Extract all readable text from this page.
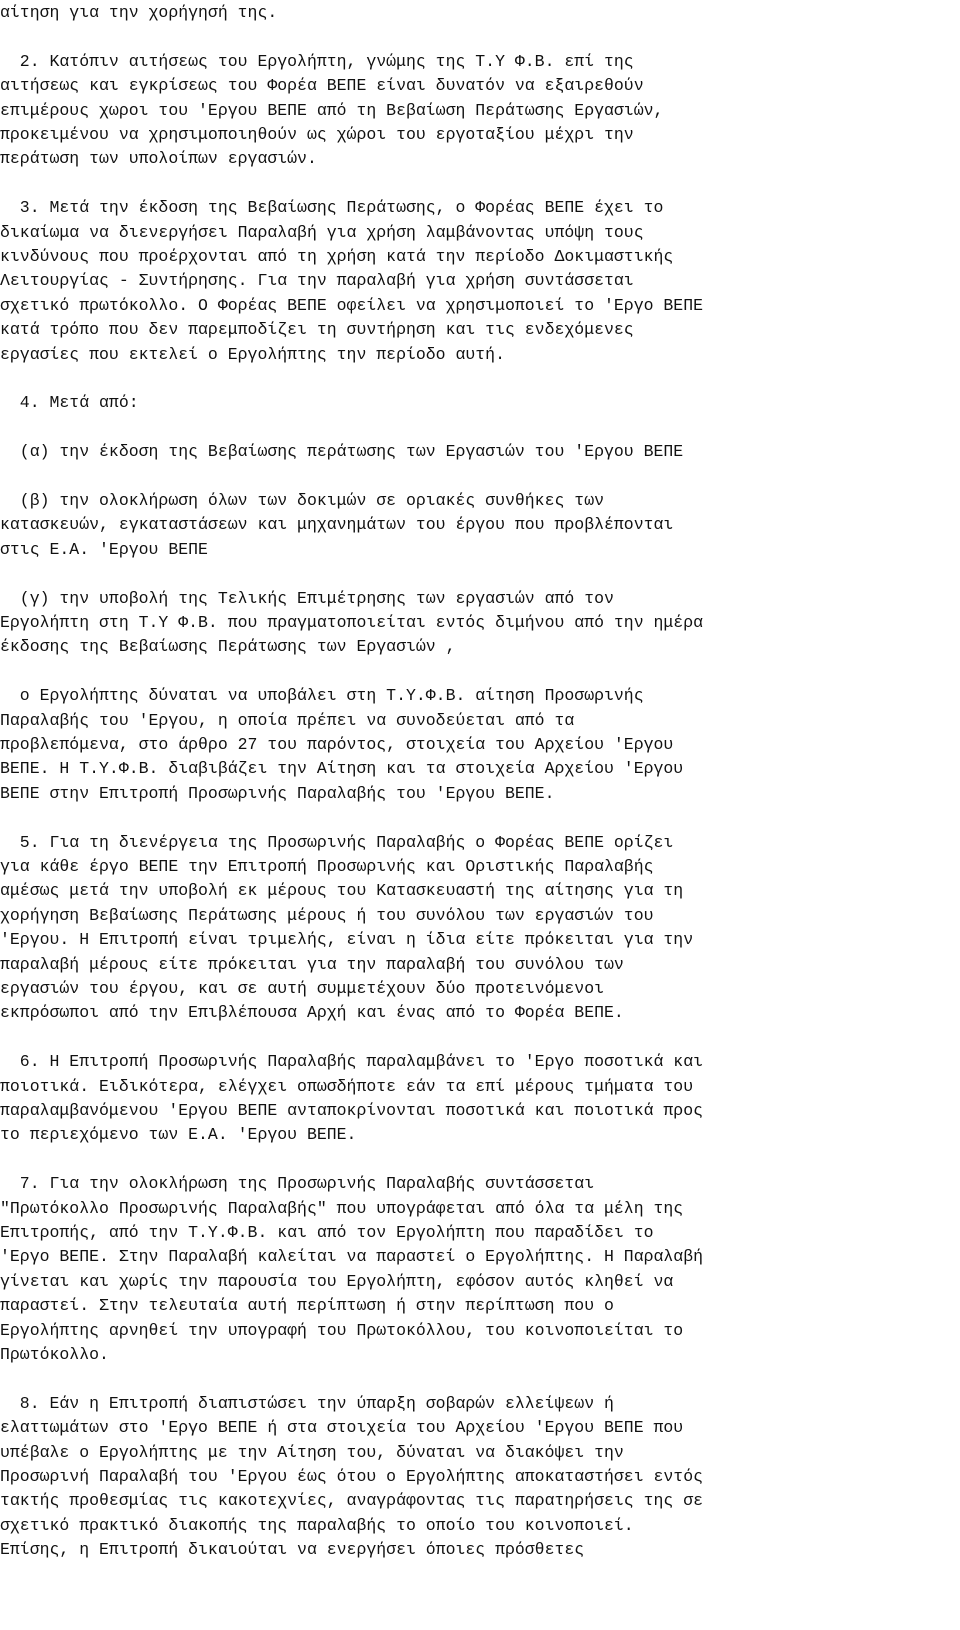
αίτηση για την χορήγησή της.
2. Κατόπιν αιτήσεως του Εργολήπτη, γνώμης της Τ.Υ Φ.Β. επί της
αιτήσεως και εγκρίσεως του Φορέα ΒΕΠΕ είναι δυνατόν να εξαιρεθούν
επιμέρους χωροι του 'Εργου ΒΕΠΕ από τη Βεβαίωση Περάτωσης Εργασιών,
προκειμένου να χρησιμοποιηθούν ως χώροι του εργοταξίου μέχρι την
περάτωση των υπολοίπων εργασιών.
3. Μετά την έκδοση της Βεβαίωσης Περάτωσης, ο Φορέας ΒΕΠΕ έχει το
δικαίωμα να διενεργήσει Παραλαβή για χρήση λαμβάνοντας υπόψη τους
κινδύνους που προέρχονται από τη χρήση κατά την περίοδο Δοκιμαστικής
Λειτουργίας - Συντήρησης. Για την παραλαβή για χρήση συντάσσεται
σχετικό πρωτόκολλο. Ο Φορέας ΒΕΠΕ οφείλει να χρησιμοποιεί το 'Εργο ΒΕΠΕ
κατά τρόπο που δεν παρεμποδίζει τη συντήρηση και τις ενδεχόμενες
εργασίες που εκτελεί ο Εργολήπτης την περίοδο αυτή.
4. Μετά από:
(α) την έκδοση της Βεβαίωσης περάτωσης των Εργασιών του 'Εργου ΒΕΠΕ
(β) την ολοκλήρωση όλων των δοκιμών σε οριακές συνθήκες των
κατασκευών, εγκαταστάσεων και μηχανημάτων του έργου που προβλέπονται
στις Ε.Α. 'Εργου ΒΕΠΕ
(γ) την υποβολή της Τελικής Επιμέτρησης των εργασιών από τον
Εργολήπτη στη Τ.Υ Φ.Β. που πραγματοποιείται εντός διμήνου από την ημέρα
έκδοσης της Βεβαίωσης Περάτωσης των Εργασιών ,
ο Εργολήπτης δύναται να υποβάλει στη Τ.Υ.Φ.Β. αίτηση Προσωρινής
Παραλαβής του 'Εργου, η οποία πρέπει να συνοδεύεται από τα
προβλεπόμενα, στο άρθρο 27 του παρόντος, στοιχεία του Αρχείου 'Εργου
ΒΕΠΕ. Η Τ.Υ.Φ.Β. διαβιβάζει την Αίτηση και τα στοιχεία Αρχείου 'Εργου
ΒΕΠΕ στην Επιτροπή Προσωρινής Παραλαβής του 'Εργου ΒΕΠΕ.
5. Για τη διενέργεια της Προσωρινής Παραλαβής ο Φορέας ΒΕΠΕ ορίζει
για κάθε έργο ΒΕΠΕ την Επιτροπή Προσωρινής και Οριστικής Παραλαβής
αμέσως μετά την υποβολή εκ μέρους του Κατασκευαστή της αίτησης για τη
χορήγηση Βεβαίωσης Περάτωσης μέρους ή του συνόλου των εργασιών του
'Εργου. Η Επιτροπή είναι τριμελής, είναι η ίδια είτε πρόκειται για την
παραλαβή μέρους είτε πρόκειται για την παραλαβή του συνόλου των
εργασιών του έργου, και σε αυτή συμμετέχουν δύο προτεινόμενοι
εκπρόσωποι από την Επιβλέπουσα Αρχή και ένας από το Φορέα ΒΕΠΕ.
6. Η Επιτροπή Προσωρινής Παραλαβής παραλαμβάνει το 'Εργο ποσοτικά και
ποιοτικά. Ειδικότερα, ελέγχει οπωσδήποτε εάν τα επί μέρους τμήματα του
παραλαμβανόμενου 'Εργου ΒΕΠΕ ανταποκρίνονται ποσοτικά και ποιοτικά προς
το περιεχόμενο των Ε.Α. 'Εργου ΒΕΠΕ.
7. Για την ολοκλήρωση της Προσωρινής Παραλαβής συντάσσεται
"Πρωτόκολλο Προσωρινής Παραλαβής" που υπογράφεται από όλα τα μέλη της
Επιτροπής, από την Τ.Υ.Φ.Β. και από τον Εργολήπτη που παραδίδει το
'Εργο ΒΕΠΕ. Στην Παραλαβή καλείται να παραστεί ο Εργολήπτης. Η Παραλαβή
γίνεται και χωρίς την παρουσία του Εργολήπτη, εφόσον αυτός κληθεί να
παραστεί. Στην τελευταία αυτή περίπτωση ή στην περίπτωση που ο
Εργολήπτης αρνηθεί την υπογραφή του Πρωτοκόλλου, του κοινοποιείται το
Πρωτόκολλο.
8. Εάν η Επιτροπή διαπιστώσει την ύπαρξη σοβαρών ελλείψεων ή
ελαττωμάτων στο 'Εργο ΒΕΠΕ ή στα στοιχεία του Αρχείου 'Εργου ΒΕΠΕ που
υπέβαλε ο Εργολήπτης με την Αίτηση του, δύναται να διακόψει την
Προσωρινή Παραλαβή του 'Εργου έως ότου ο Εργολήπτης αποκαταστήσει εντός
τακτής προθεσμίας τις κακοτεχνίες, αναγράφοντας τις παρατηρήσεις της σε
σχετικό πρακτικό διακοπής της παραλαβής το οποίο του κοινοποιεί.
Επίσης, η Επιτροπή δικαιούται να ενεργήσει όποιες πρόσθετες
